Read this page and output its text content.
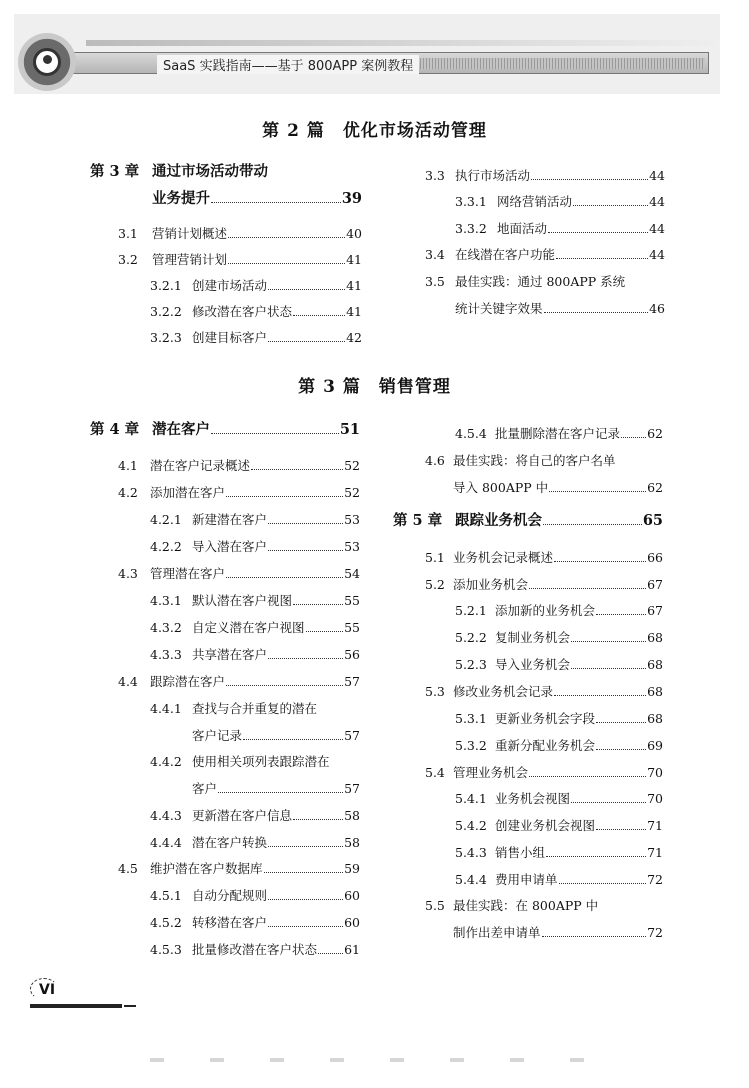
SaaS 实践指南——基于 800APP 案例教程
第 2 篇　优化市场活动管理
第 3 篇　销售管理
第 3 章 通过市场活动带动
业务提升	39
3.1 营销计划概述	40
3.2 管理营销计划	41
3.2.1 创建市场活动	41
3.2.2 修改潜在客户状态	41
3.2.3 创建目标客户	42
3.3 执行市场活动	44
3.3.1 网络营销活动	44
3.3.2 地面活动	44
3.4 在线潜在客户功能	44
3.5 最佳实践：通过 800APP 系统
统计关键字效果	46
第 4 章 潜在客户	51
4.1 潜在客户记录概述	52
4.2 添加潜在客户	52
4.2.1 新建潜在客户	53
4.2.2 导入潜在客户	53
4.3 管理潜在客户	54
4.3.1 默认潜在客户视图	55
4.3.2 自定义潜在客户视图	55
4.3.3 共享潜在客户	56
4.4 跟踪潜在客户	57
4.4.1 查找与合并重复的潜在
客户记录	57
4.4.2 使用相关项列表跟踪潜在
客户	57
4.4.3 更新潜在客户信息	58
4.4.4 潜在客户转换	58
4.5 维护潜在客户数据库	59
4.5.1 自动分配规则	60
4.5.2 转移潜在客户	60
4.5.3 批量修改潜在客户状态 61
4.5.4 批量删除潜在客户记录 62
4.6 最佳实践：将自己的客户名单
导入 800APP 中	62
第 5 章 跟踪业务机会	65
5.1 业务机会记录概述	66
5.2 添加业务机会	67
5.2.1 添加新的业务机会	67
5.2.2 复制业务机会	68
5.2.3 导入业务机会	68
5.3 修改业务机会记录	68
5.3.1 更新业务机会字段	68
5.3.2 重新分配业务机会	69
5.4 管理业务机会	70
5.4.1 业务机会视图	70
5.4.2 创建业务机会视图	71
5.4.3 销售小组	71
5.4.4 费用申请单	72
5.5 最佳实践：在 800APP 中
制作出差申请单	72
VI
